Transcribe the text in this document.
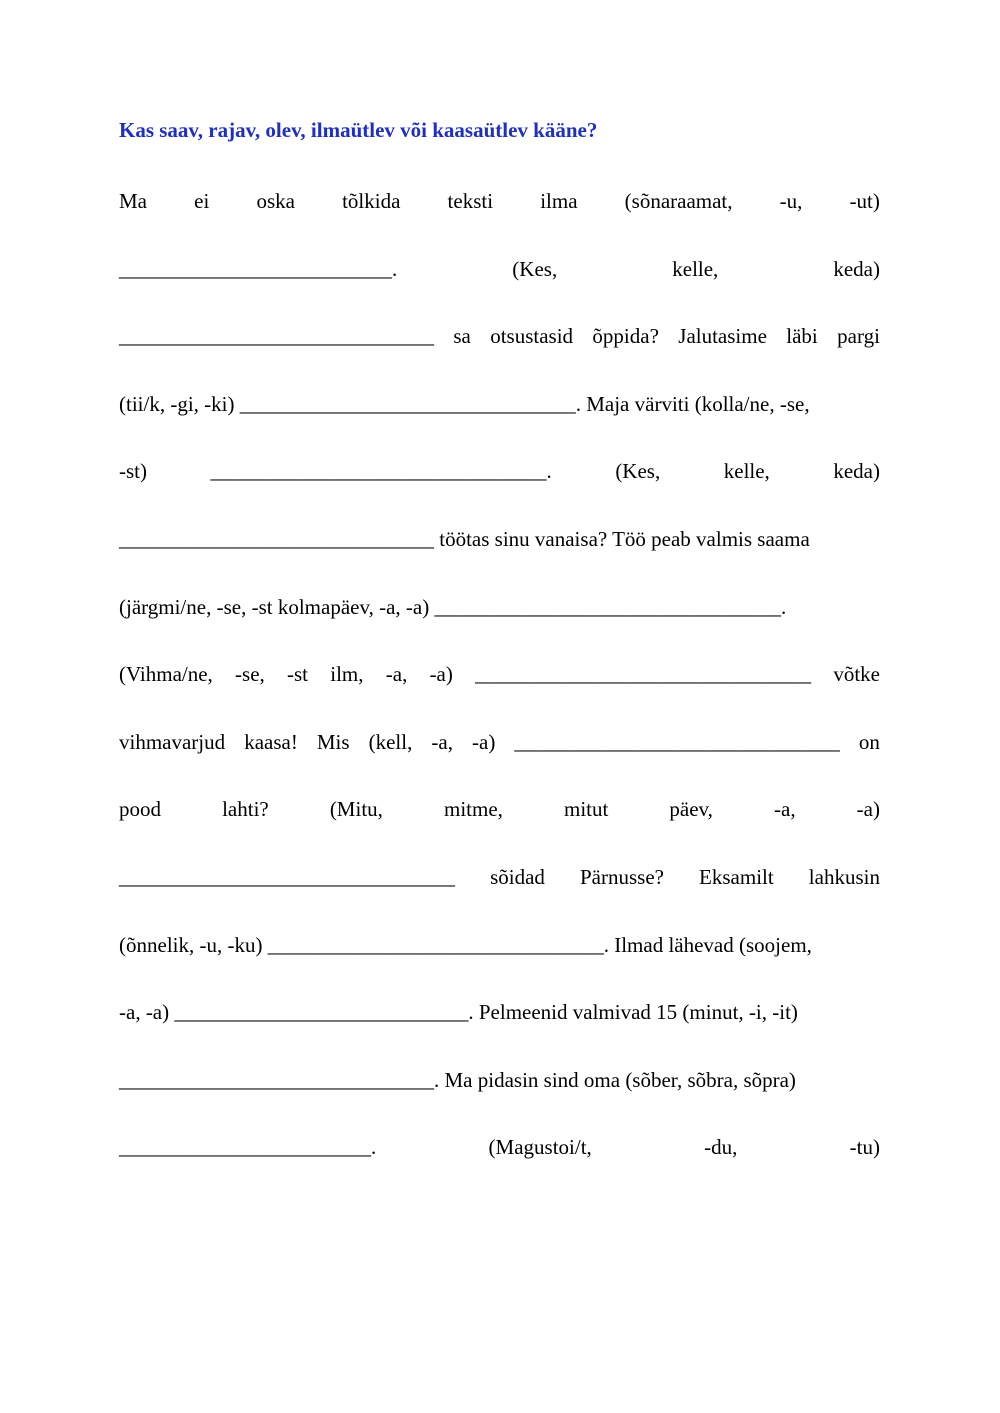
Kas saav, rajav, olev, ilmaütlev või kaasaütlev kääne?
Ma ei oska tõlkida teksti ilma (sõnaraamat, -u, -ut)
__________________________.	(Kes,	kelle,	keda)
______________________________ sa otsustasid õppida? Jalutasime läbi pargi
(tii/k, -gi, -ki) ________________________________. Maja värviti (kolla/ne, -se,
-st)	________________________________.	(Kes,	kelle,	keda)
______________________________ töötas sinu vanaisa? Töö peab valmis saama
(järgmi/ne, -se, -st kolmapäev, -a, -a) _________________________________.
(Vihma/ne, -se, -st ilm, -a, -a) ________________________________ võtke
vihmavarjud kaasa! Mis (kell, -a, -a) _______________________________ on
pood	lahti?	(Mitu,	mitme,	mitut	päev,	-a,	-a)
________________________________ sõidad Pärnusse? Eksamilt lahkusin
(õnnelik, -u, -ku) ________________________________. Ilmad lähevad (soojem,
-a, -a) ____________________________. Pelmeenid valmivad 15 (minut, -i, -it)
______________________________. Ma pidasin sind oma (sõber, sõbra, sõpra)
________________________.	(Magustoi/t,	-du,	-tu)
